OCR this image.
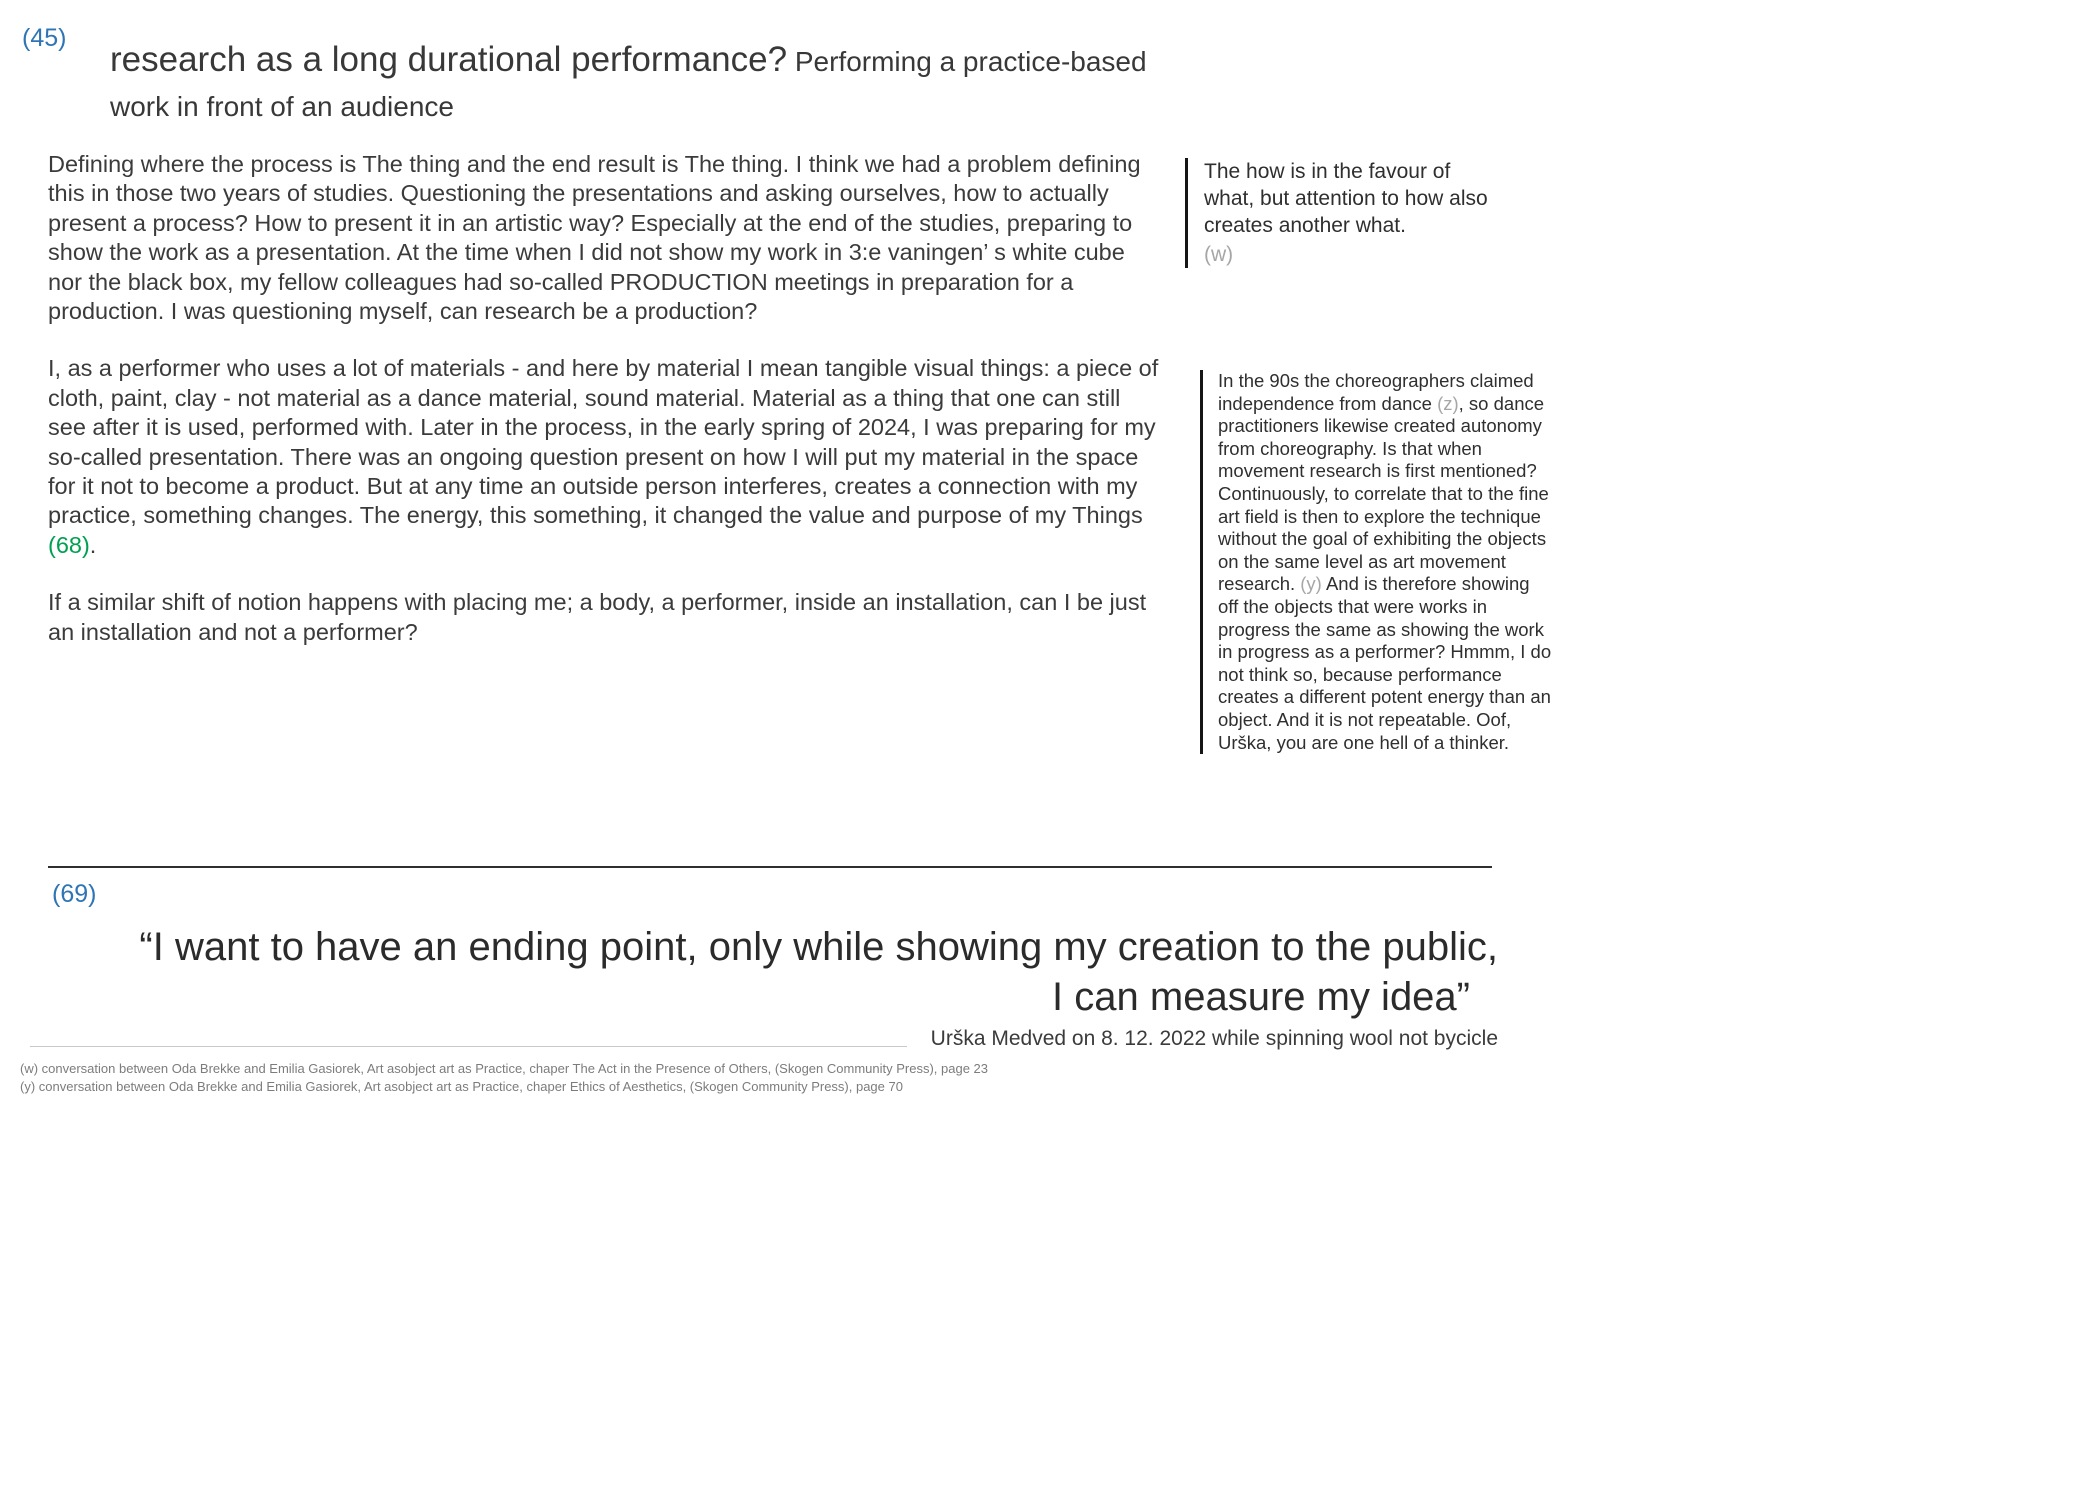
(45)
research as a long durational performance? Performing a practice-based
work in front of an audience

Defining where the process is The thing and the end result is The thing. I think we had a problem defining this in those two years of studies. Questioning the presentations and asking ourselves, how to actually present a process? How to present it in an artistic way? Especially at the end of the studies, preparing to show the work as a presentation. At the time when I did not show my work in 3:e vaningen’ s white cube nor the black box, my fellow colleagues had so-called PRODUCTION meetings in preparation for a production. I was questioning myself, can research be a production?

I, as a performer who uses a lot of materials - and here by material I mean tangible visual things: a piece of cloth, paint, clay - not material as a dance material, sound material. Material as a thing that one can still see after it is used, performed with. Later in the process, in the early spring of 2024, I was preparing for my so-called presentation. There was an ongoing question present on how I will put my material in the space for it not to become a product. But at any time an outside person interferes, creates a connection with my practice, something changes. The energy, this something, it changed the value and purpose of my Things (68).

If a similar shift of notion happens with placing me; a body, a performer, inside an installation, can I be just an installation and not a performer?

The how is in the favour of what, but attention to how also creates another what.
(w)
In the 90s the choreographers claimed independence from dance (z), so dance practitioners likewise created autonomy from choreography. Is that when movement research is first mentioned? Continuously, to correlate that to the fine art field is then to explore the technique without the goal of exhibiting the objects on the same level as art movement research. (y) And is therefore showing off the objects that were works in progress the same as showing the work in progress as a performer? Hmmm, I do not think so, because performance creates a different potent energy than an object. And it is not repeatable. Oof, Urška, you are one hell of a thinker.
(69)
“I want to have an ending point, only while showing my creation to the public,
I can measure my idea”
Urška Medved on 8. 12. 2022 while spinning wool not bycicle
(w) conversation between Oda Brekke and Emilia Gasiorek, Art asobject art as Practice, chaper The Act in the Presence of Others, (Skogen Community Press), page 23
(y) conversation between Oda Brekke and Emilia Gasiorek, Art asobject art as Practice, chaper Ethics of Aesthetics, (Skogen Community Press), page 70
